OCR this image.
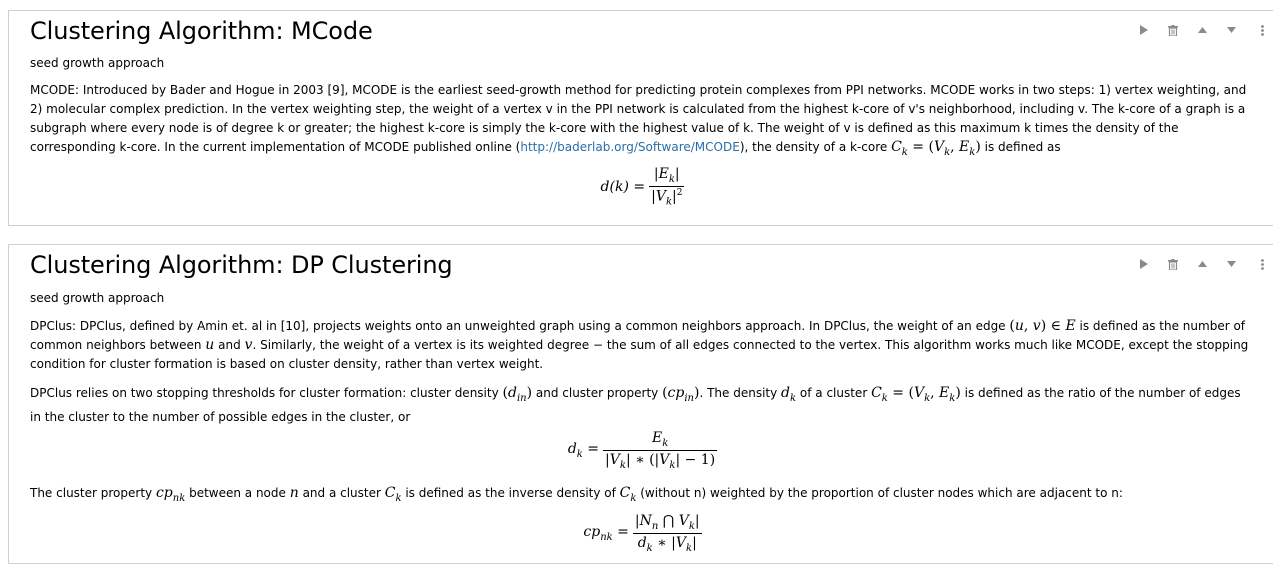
Clustering Algorithm: MCode
seed growth approach

MCODE: Introduced by Bader and Hogue in 2003 [9], MCODE is the earliest seed-growth method for predicting protein complexes from PPI networks. MCODE works in two steps: 1) vertex weighting, and 2) molecular complex prediction. In the vertex weighting step, the weight of a vertex v in the PPI network is calculated from the highest k-core of v's neighborhood, including v. The k-core of a graph is a subgraph where every node is of degree k or greater; the highest k-core is simply the k-core with the highest value of k. The weight of v is defined as this maximum k times the density of the corresponding k-core. In the current implementation of MCODE published online (http://baderlab.org/Software/MCODE), the density of a k-core $C_k = (V_k$, $E_k$) is defined as

$d(k) = \frac{|E_k|}{|V_k|^2}$
Clustering Algorithm: DP Clustering
seed growth approach

DPClus: DPClus, defined by Amin et. al in [10], projects weights onto an unweighted graph using a common neighbors approach. In DPClus, the weight of an edge (u, v) ∈ E is defined as the number of common neighbors between u and v. Similarly, the weight of a vertex is its weighted degree − the sum of all edges connected to the vertex. This algorithm works much like MCODE, except the stopping condition for cluster formation is based on cluster density, rather than vertex weight.

DPClus relies on two stopping thresholds for cluster formation: cluster density $(d_{in})$ and cluster property $(cp_{in})$. The density $d_k$ of a cluster $C_k = (V_k$, $E_k$) is defined as the ratio of the number of edges in the cluster to the number of possible edges in the cluster, or

$d_k = \frac{E_k}{|V_k| ∗ (|V_k| - 1)}$

The cluster property $cp_{nk}$ between a node n and a cluster $C_k$ is defined as the inverse density of $C_k$ (without n) weighted by the proportion of cluster nodes which are adjacent to n:

$cp_{nk} = \frac{|N_n ⋂ V_k|}{d_k ∗ |V_k|}$
